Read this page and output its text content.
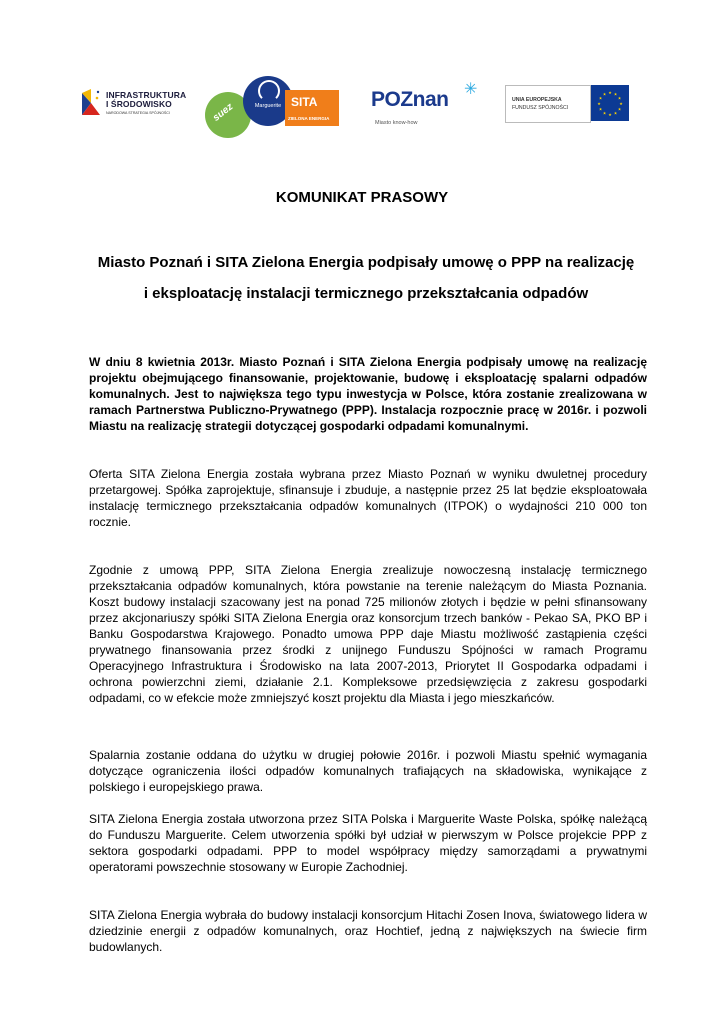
INFRASTRUKTURA
I ŚRODOWISKO
NARODOWA STRATEGIA SPÓJNOŚCI	suez	Marguerite SITA
ZIELONA ENERGIA
POZnan ✳
Miasto know-how
UNIA EUROPEJSKA
FUNDUSZ SPÓJNOŚCI
★ ★
★
★
★
★
★
★
★
★
★
★
KOMUNIKAT PRASOWY
Miasto Poznań i SITA Zielona Energia podpisały umowę o PPP na realizację i eksploatację instalacji termicznego przekształcania odpadów

W dniu 8 kwietnia 2013r. Miasto Poznań i SITA Zielona Energia podpisały umowę na realizację projektu obejmującego finansowanie, projektowanie, budowę i eksploatację spalarni odpadów komunalnych. Jest to największa tego typu inwestycja w Polsce, która zostanie zrealizowana w ramach Partnerstwa Publiczno-Prywatnego (PPP). Instalacja rozpocznie pracę w 2016r. i pozwoli Miastu na realizację strategii dotyczącej gospodarki odpadami komunalnymi.

Oferta SITA Zielona Energia została wybrana przez Miasto Poznań w wyniku dwuletnej procedury przetargowej. Spółka zaprojektuje, sfinansuje i zbuduje, a następnie przez 25 lat będzie eksploatowała instalację termicznego przekształcania odpadów komunalnych (ITPOK) o wydajności 210 000 ton rocznie.

Zgodnie z umową PPP, SITA Zielona Energia zrealizuje nowoczesną instalację termicznego przekształcania odpadów komunalnych, która powstanie na terenie należącym do Miasta Poznania. Koszt budowy instalacji szacowany jest na ponad 725 milionów złotych i będzie w pełni sfinansowany przez akcjonariuszy spółki SITA Zielona Energia oraz konsorcjum trzech banków - Pekao SA, PKO BP i Banku Gospodarstwa Krajowego. Ponadto umowa PPP daje Miastu możliwość zastąpienia części prywatnego finansowania przez środki z unijnego Funduszu Spójności w ramach Programu Operacyjnego Infrastruktura i Środowisko na lata 2007-2013, Priorytet II Gospodarka odpadami i ochrona powierzchni ziemi, działanie 2.1. Kompleksowe przedsięwzięcia z zakresu gospodarki odpadami, co w efekcie może zmniejszyć koszt projektu dla Miasta i jego mieszkańców.

Spalarnia zostanie oddana do użytku w drugiej połowie 2016r. i pozwoli Miastu spełnić wymagania dotyczące ograniczenia ilości odpadów komunalnych trafiających na składowiska, wynikające z polskiego i europejskiego prawa.

SITA Zielona Energia została utworzona przez SITA Polska i Marguerite Waste Polska, spółkę należącą do Funduszu Marguerite. Celem utworzenia spółki był udział w pierwszym w Polsce projekcie PPP z sektora gospodarki odpadami. PPP to model współpracy między samorządami a prywatnymi operatorami powszechnie stosowany w Europie Zachodniej.

SITA Zielona Energia wybrała do budowy instalacji konsorcjum Hitachi Zosen Inova, światowego lidera w dziedzinie energii z odpadów komunalnych, oraz Hochtief, jedną z największych na świecie firm budowlanych.
